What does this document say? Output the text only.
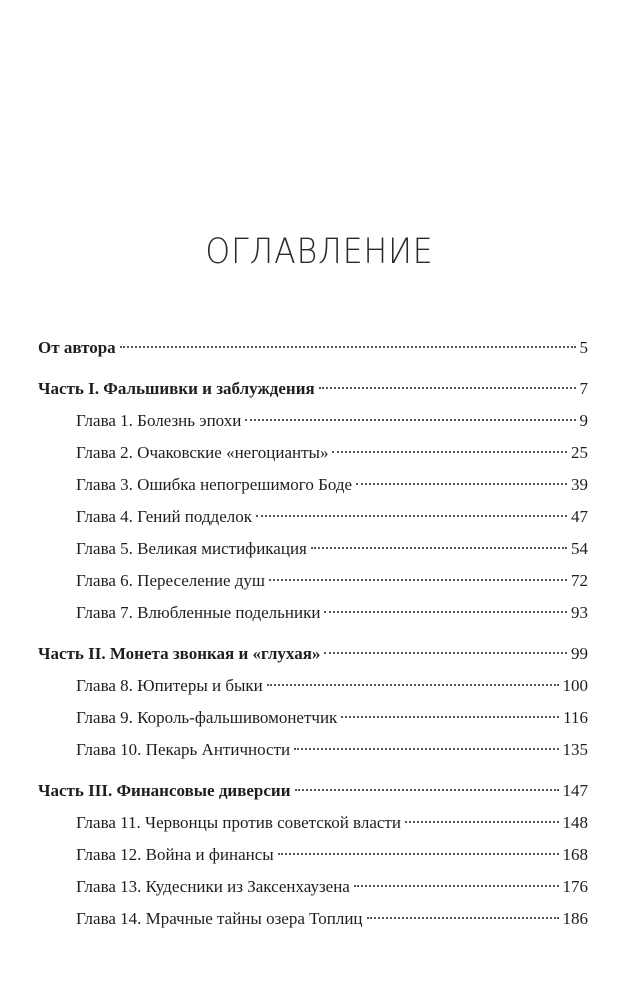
ОГЛАВЛЕНИЕ
От автора	5
Часть I. Фальшивки и заблуждения	7
Глава 1. Болезнь эпохи	9
Глава 2. Очаковские «негоцианты»	25
Глава 3. Ошибка непогрешимого Боде	39
Глава 4. Гений подделок	47
Глава 5. Великая мистификация	54
Глава 6. Переселение душ	72
Глава 7. Влюбленные подельники	93
Часть II. Монета звонкая и «глухая»	99
Глава 8. Юпитеры и быки	100
Глава 9. Король-фальшивомонетчик	116
Глава 10. Пекарь Античности	135
Часть III. Финансовые диверсии	147
Глава 11. Червонцы против советской власти	148
Глава 12. Война и финансы	168
Глава 13. Кудесники из Заксенхаузена	176
Глава 14. Мрачные тайны озера Топлиц	186
